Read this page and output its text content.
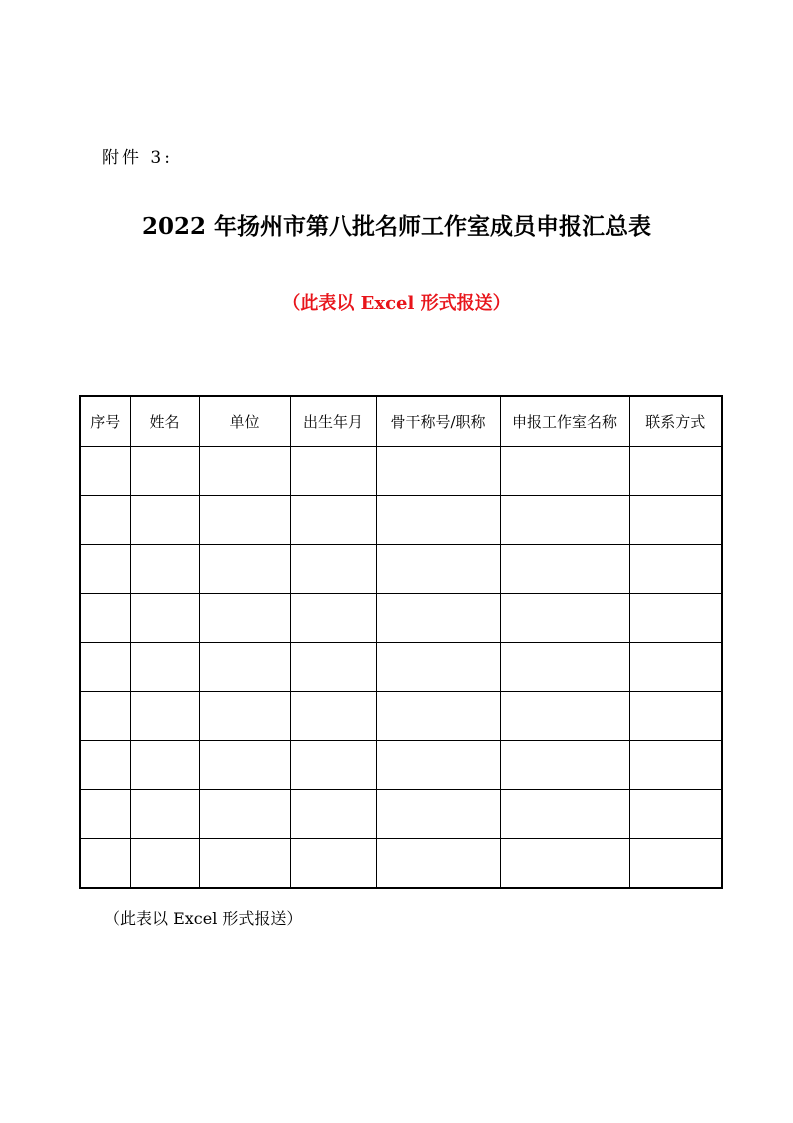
附件 3:
2022 年扬州市第八批名师工作室成员申报汇总表
（此表以 Excel 形式报送）
序号	姓名	单位	出生年月	骨干称号/职称	申报工作室名称	联系方式

（此表以 Excel 形式报送）
